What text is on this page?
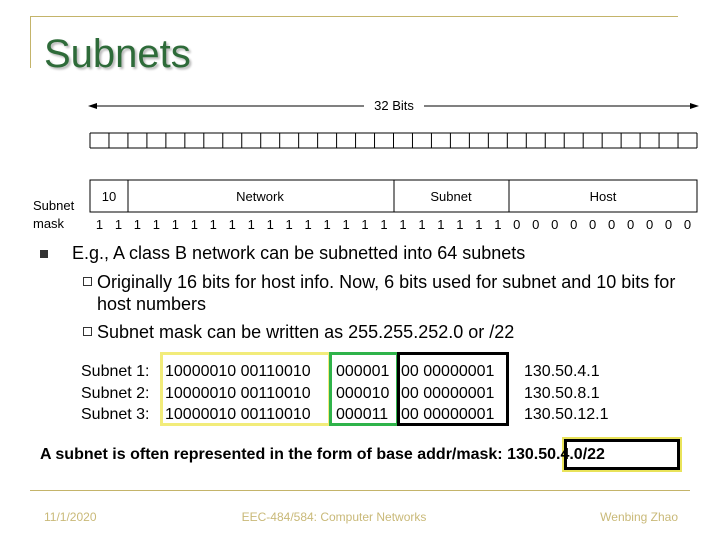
Subnets
32 Bits
10	Network	Subnet	Host
Subnet
mask 1 1 1 1 1 1 1 1 1 1 1 1 1 1 1 1 1 1 1 1 1 1 0 0 0 0 0 0 0 0 0 0
E.g., A class B network can be subnetted into 64 subnets
Originally 16 bits for host info. Now, 6 bits used for subnet and 10 bits for host numbers
Subnet mask can be written as 255.255.252.0 or /22
Subnet 1: 10000010 00110010 000001 00 00000001 130.50.4.1
Subnet 2: 10000010 00110010 000010 00 00000001 130.50.8.1
Subnet 3: 10000010 00110010 000011 00 00000001 130.50.12.1
A subnet is often represented in the form of base addr/mask: 130.50.4.0/22
11/1/2020	EEC-484/584: Computer Networks	Wenbing Zhao
